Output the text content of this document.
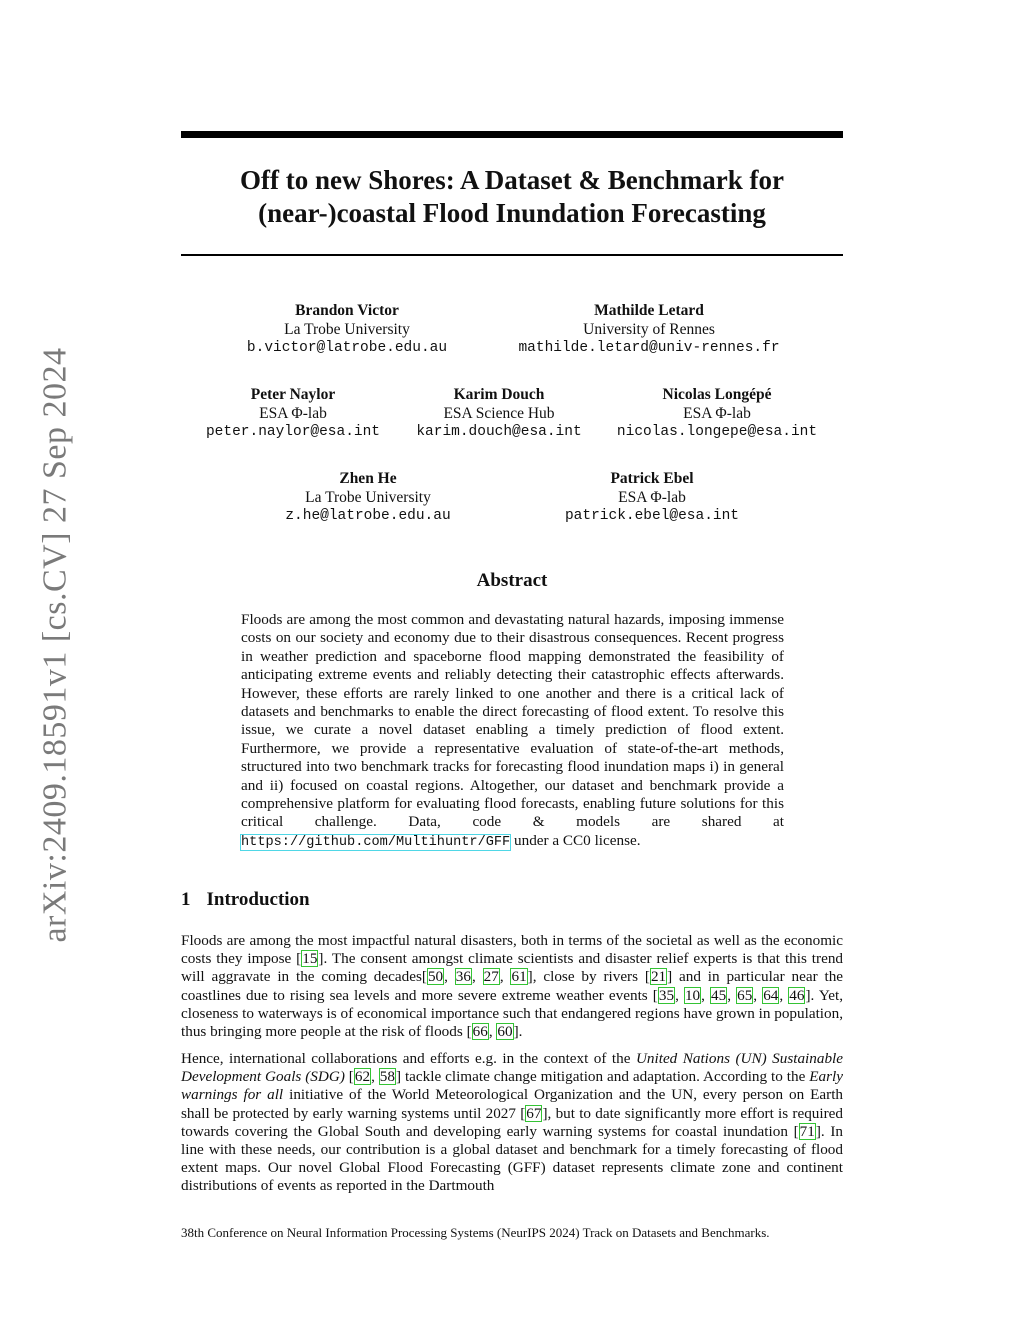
arXiv:2409.18591v1 [cs.CV] 27 Sep 2024
Off to new Shores: A Dataset & Benchmark for
(near-)coastal Flood Inundation Forecasting
Brandon Victor
La Trobe University
b.victor@latrobe.edu.au
Mathilde Letard
University of Rennes
mathilde.letard@univ-rennes.fr
Peter Naylor
ESA Φ-lab
peter.naylor@esa.int
Karim Douch
ESA Science Hub
karim.douch@esa.int
Nicolas Longépé
ESA Φ-lab
nicolas.longepe@esa.int
Zhen He
La Trobe University
z.he@latrobe.edu.au
Patrick Ebel
ESA Φ-lab
patrick.ebel@esa.int
Abstract

Floods are among the most common and devastating natural hazards, imposing immense costs on our society and economy due to their disastrous consequences. Recent progress in weather prediction and spaceborne flood mapping demonstrated the feasibility of anticipating extreme events and reliably detecting their catastrophic effects afterwards. However, these efforts are rarely linked to one another and there is a critical lack of datasets and benchmarks to enable the direct forecasting of flood extent. To resolve this issue, we curate a novel dataset enabling a timely prediction of flood extent. Furthermore, we provide a representative evaluation of state-of-the-art methods, structured into two benchmark tracks for forecasting flood inundation maps i) in general and ii) focused on coastal regions. Altogether, our dataset and benchmark provide a comprehensive platform for evaluating flood forecasts, enabling future solutions for this critical challenge. Data, code & models are shared at https://github.com/Multihuntr/GFF under a CC0 license.

1 Introduction

Floods are among the most impactful natural disasters, both in terms of the societal as well as the economic costs they impose [15]. The consent amongst climate scientists and disaster relief experts is that this trend will aggravate in the coming decades[50, 36, 27, 61], close by rivers [21] and in particular near the coastlines due to rising sea levels and more severe extreme weather events [35, 10, 45, 65, 64, 46]. Yet, closeness to waterways is of economical importance such that endangered regions have grown in population, thus bringing more people at the risk of floods [66, 60].

Hence, international collaborations and efforts e.g. in the context of the United Nations (UN) Sustainable Development Goals (SDG) [62, 58] tackle climate change mitigation and adaptation. According to the Early warnings for all initiative of the World Meteorological Organization and the UN, every person on Earth shall be protected by early warning systems until 2027 [67], but to date significantly more effort is required towards covering the Global South and developing early warning systems for coastal inundation [71]. In line with these needs, our contribution is a global dataset and benchmark for a timely forecasting of flood extent maps. Our novel Global Flood Forecasting (GFF) dataset represents climate zone and continent distributions of events as reported in the Dartmouth

38th Conference on Neural Information Processing Systems (NeurIPS 2024) Track on Datasets and Benchmarks.
